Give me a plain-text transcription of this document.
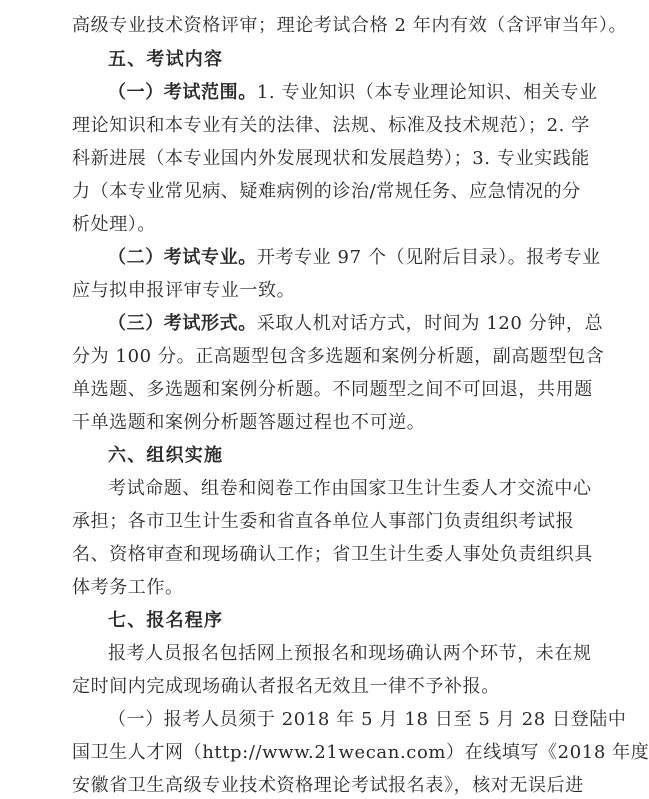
高级专业技术资格评审；理论考试合格 2 年内有效（含评审当年）。
五、考试内容
（一）考试范围。1. 专业知识（本专业理论知识、相关专业
理论知识和本专业有关的法律、法规、标准及技术规范）；2. 学
科新进展（本专业国内外发展现状和发展趋势）；3. 专业实践能
力（本专业常见病、疑难病例的诊治/常规任务、应急情况的分
析处理）。
（二）考试专业。开考专业 97 个（见附后目录）。报考专业
应与拟申报评审专业一致。
（三）考试形式。采取人机对话方式，时间为 120 分钟，总
分为 100 分。正高题型包含多选题和案例分析题，副高题型包含
单选题、多选题和案例分析题。不同题型之间不可回退，共用题
干单选题和案例分析题答题过程也不可逆。
六、组织实施
考试命题、组卷和阅卷工作由国家卫生计生委人才交流中心
承担；各市卫生计生委和省直各单位人事部门负责组织考试报
名、资格审查和现场确认工作；省卫生计生委人事处负责组织具
体考务工作。
七、报名程序
报考人员报名包括网上预报名和现场确认两个环节，未在规
定时间内完成现场确认者报名无效且一律不予补报。
（一）报考人员须于 2018 年 5 月 18 日至 5 月 28 日登陆中
国卫生人才网（http://www.21wecan.com）在线填写《2018 年度
安徽省卫生高级专业技术资格理论考试报名表》，核对无误后进
